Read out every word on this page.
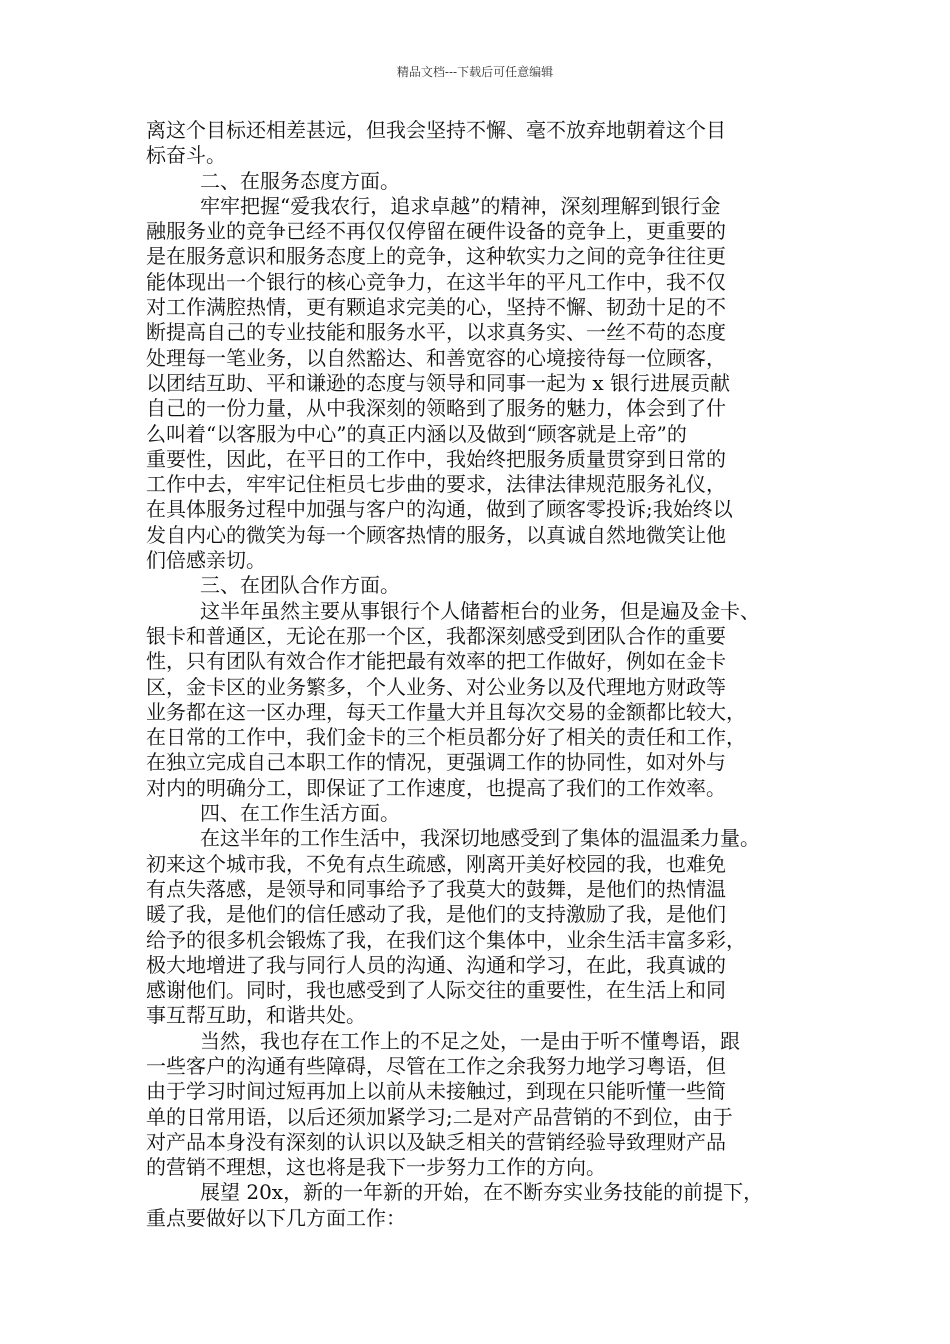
精品文档---下载后可任意编辑
离这个目标还相差甚远，但我会坚持不懈、毫不放弃地朝着这个目
标奋斗。
二、在服务态度方面。
牢牢把握“爱我农行，追求卓越”的精神，深刻理解到银行金
融服务业的竞争已经不再仅仅停留在硬件设备的竞争上，更重要的
是在服务意识和服务态度上的竞争，这种软实力之间的竞争往往更
能体现出一个银行的核心竞争力，在这半年的平凡工作中，我不仅
对工作满腔热情，更有颗追求完美的心，坚持不懈、韧劲十足的不
断提高自己的专业技能和服务水平，以求真务实、一丝不苟的态度
处理每一笔业务，以自然豁达、和善宽容的心境接待每一位顾客，
以团结互助、平和谦逊的态度与领导和同事一起为 x 银行进展贡献
自己的一份力量，从中我深刻的领略到了服务的魅力，体会到了什
么叫着“以客服为中心”的真正内涵以及做到“顾客就是上帝”的
重要性，因此，在平日的工作中，我始终把服务质量贯穿到日常的
工作中去，牢牢记住柜员七步曲的要求，法律法律规范服务礼仪，
在具体服务过程中加强与客户的沟通，做到了顾客零投诉;我始终以
发自内心的微笑为每一个顾客热情的服务，以真诚自然地微笑让他
们倍感亲切。
三、在团队合作方面。
这半年虽然主要从事银行个人储蓄柜台的业务，但是遍及金卡、
银卡和普通区，无论在那一个区，我都深刻感受到团队合作的重要
性，只有团队有效合作才能把最有效率的把工作做好，例如在金卡
区，金卡区的业务繁多，个人业务、对公业务以及代理地方财政等
业务都在这一区办理，每天工作量大并且每次交易的金额都比较大，
在日常的工作中，我们金卡的三个柜员都分好了相关的责任和工作，
在独立完成自己本职工作的情况，更强调工作的协同性，如对外与
对内的明确分工，即保证了工作速度，也提高了我们的工作效率。
四、在工作生活方面。
在这半年的工作生活中，我深切地感受到了集体的温温柔力量。
初来这个城市我，不免有点生疏感，刚离开美好校园的我，也难免
有点失落感，是领导和同事给予了我莫大的鼓舞，是他们的热情温
暖了我，是他们的信任感动了我，是他们的支持激励了我，是他们
给予的很多机会锻炼了我，在我们这个集体中，业余生活丰富多彩，
极大地增进了我与同行人员的沟通、沟通和学习，在此，我真诚的
感谢他们。同时，我也感受到了人际交往的重要性，在生活上和同
事互帮互助，和谐共处。
当然，我也存在工作上的不足之处，一是由于听不懂粤语，跟
一些客户的沟通有些障碍，尽管在工作之余我努力地学习粤语，但
由于学习时间过短再加上以前从未接触过，到现在只能听懂一些简
单的日常用语，以后还须加紧学习;二是对产品营销的不到位，由于
对产品本身没有深刻的认识以及缺乏相关的营销经验导致理财产品
的营销不理想，这也将是我下一步努力工作的方向。
展望 20x，新的一年新的开始，在不断夯实业务技能的前提下，
重点要做好以下几方面工作：
